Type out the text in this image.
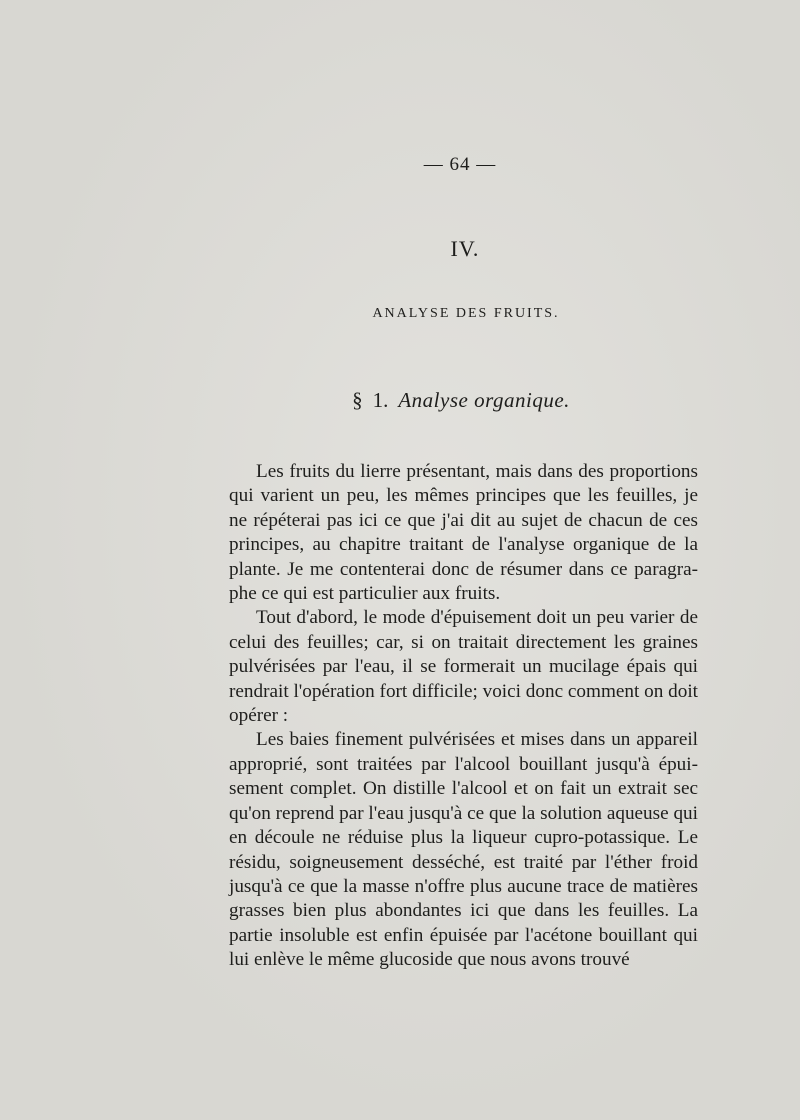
— 64 —
IV.
ANALYSE DES FRUITS.
§ 1. Analyse organique.

Les fruits du lierre présentant, mais dans des proportions qui varient un peu, les mêmes principes que les feuilles, je ne répéterai pas ici ce que j'ai dit au sujet de chacun de ces principes, au chapitre traitant de l'analyse organique de la plante. Je me contenterai donc de résumer dans ce paragraphe ce qui est particulier aux fruits.

Tout d'abord, le mode d'épuisement doit un peu varier de celui des feuilles; car, si on traitait directement les graines pulvérisées par l'eau, il se formerait un mucilage épais qui rendrait l'opération fort difficile; voici donc comment on doit opérer :

Les baies finement pulvérisées et mises dans un appareil approprié, sont traitées par l'alcool bouillant jusqu'à épuisement complet. On distille l'alcool et on fait un extrait sec qu'on reprend par l'eau jusqu'à ce que la solution aqueuse qui en découle ne réduise plus la liqueur cupro-potassique. Le résidu, soigneusement desséché, est traité par l'éther froid jusqu'à ce que la masse n'offre plus aucune trace de matières grasses bien plus abondantes ici que dans les feuilles. La partie insoluble est enfin épuisée par l'acétone bouillant qui lui enlève le même glucoside que nous avons trouvé
